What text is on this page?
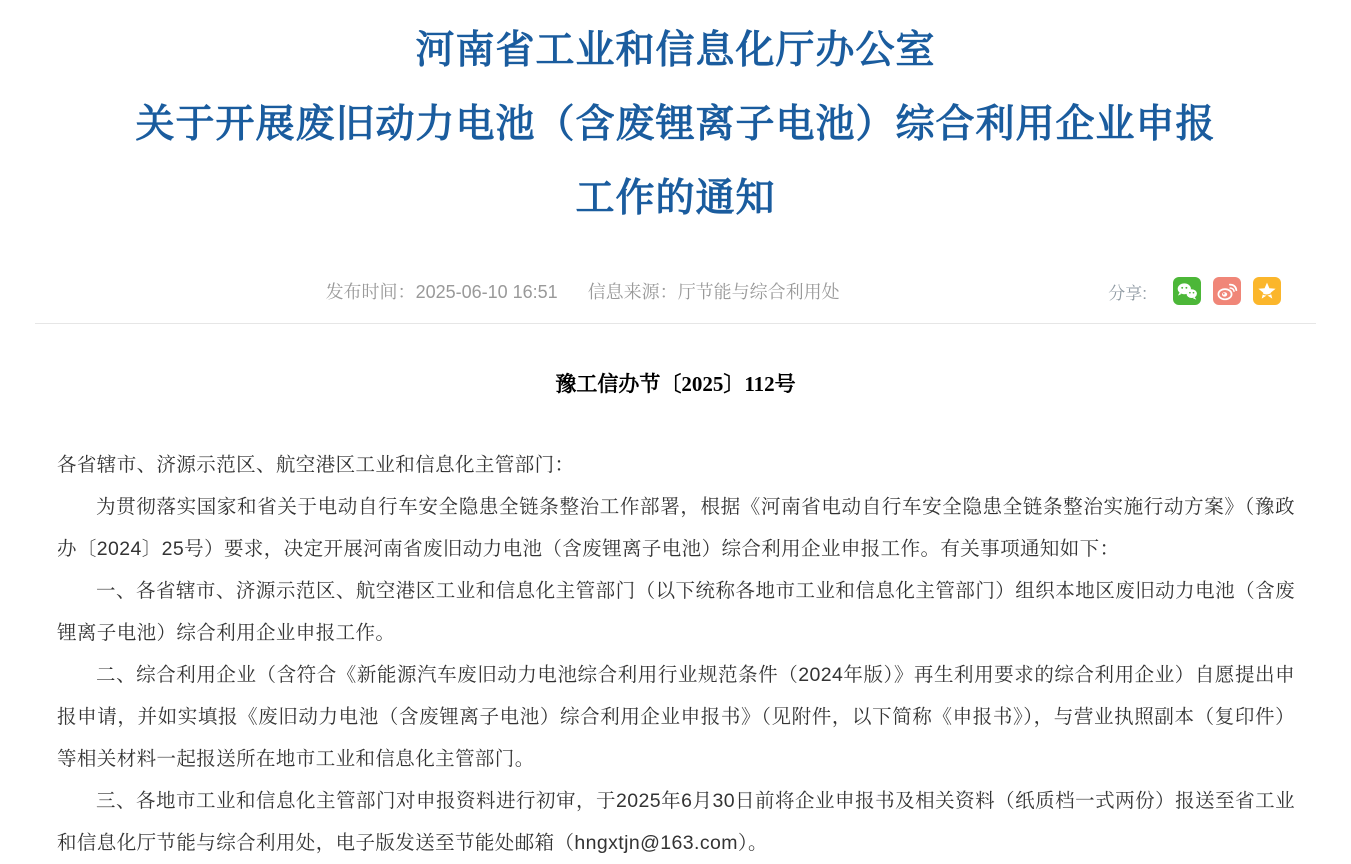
河南省工业和信息化厅办公室
关于开展废旧动力电池（含废锂离子电池）综合利用企业申报
工作的通知
发布时间：2025-06-10 16:51 信息来源：厅节能与综合利用处	分享:

豫工信办节〔2025〕112号

各省辖市、济源示范区、航空港区工业和信息化主管部门：

为贯彻落实国家和省关于电动自行车安全隐患全链条整治工作部署，根据《河南省电动自行车安全隐患全链条整治实施行动方案》（豫政办〔2024〕25号）要求，决定开展河南省废旧动力电池（含废锂离子电池）综合利用企业申报工作。有关事项通知如下：

一、各省辖市、济源示范区、航空港区工业和信息化主管部门（以下统称各地市工业和信息化主管部门）组织本地区废旧动力电池（含废锂离子电池）综合利用企业申报工作。

二、综合利用企业（含符合《新能源汽车废旧动力电池综合利用行业规范条件（2024年版）》再生利用要求的综合利用企业）自愿提出申报申请，并如实填报《废旧动力电池（含废锂离子电池）综合利用企业申报书》（见附件，以下简称《申报书》），与营业执照副本（复印件）等相关材料一起报送所在地市工业和信息化主管部门。

三、各地市工业和信息化主管部门对申报资料进行初审，于2025年6月30日前将企业申报书及相关资料（纸质档一式两份）报送至省工业和信息化厅节能与综合利用处，电子版发送至节能处邮箱（hngxtjn@163.com）。
